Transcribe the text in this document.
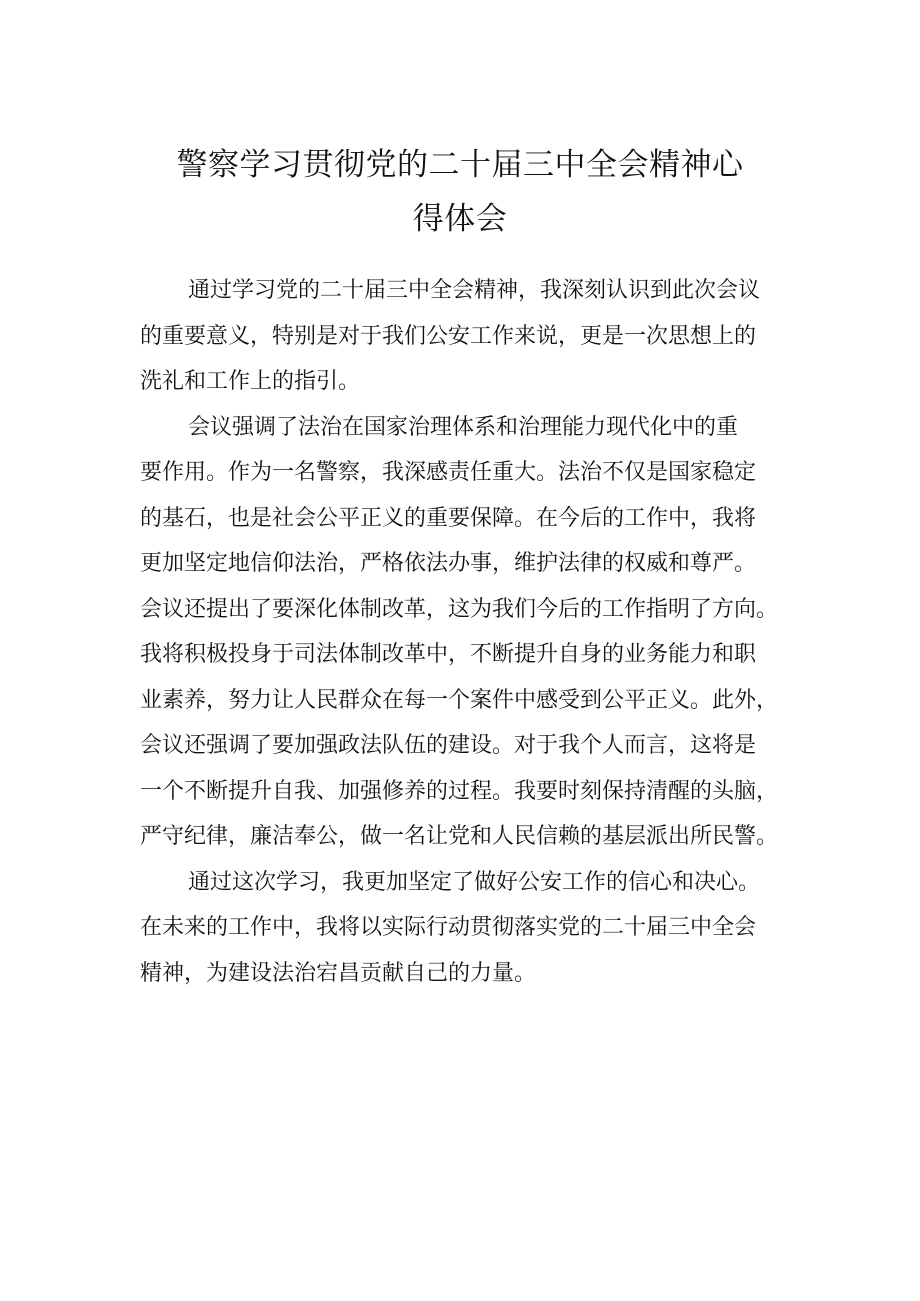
警察学习贯彻党的二十届三中全会精神心
得体会

通过学习党的二十届三中全会精神，我深刻认识到此次会议
的重要意义，特别是对于我们公安工作来说，更是一次思想上的
洗礼和工作上的指引。

会议强调了法治在国家治理体系和治理能力现代化中的重
要作用。作为一名警察，我深感责任重大。法治不仅是国家稳定
的基石，也是社会公平正义的重要保障。在今后的工作中，我将
更加坚定地信仰法治，严格依法办事，维护法律的权威和尊严。
会议还提出了要深化体制改革，这为我们今后的工作指明了方向。
我将积极投身于司法体制改革中，不断提升自身的业务能力和职
业素养，努力让人民群众在每一个案件中感受到公平正义。此外，
会议还强调了要加强政法队伍的建设。对于我个人而言，这将是
一个不断提升自我、加强修养的过程。我要时刻保持清醒的头脑，
严守纪律，廉洁奉公，做一名让党和人民信赖的基层派出所民警。

通过这次学习，我更加坚定了做好公安工作的信心和决心。
在未来的工作中，我将以实际行动贯彻落实党的二十届三中全会
精神，为建设法治宕昌贡献自己的力量。
